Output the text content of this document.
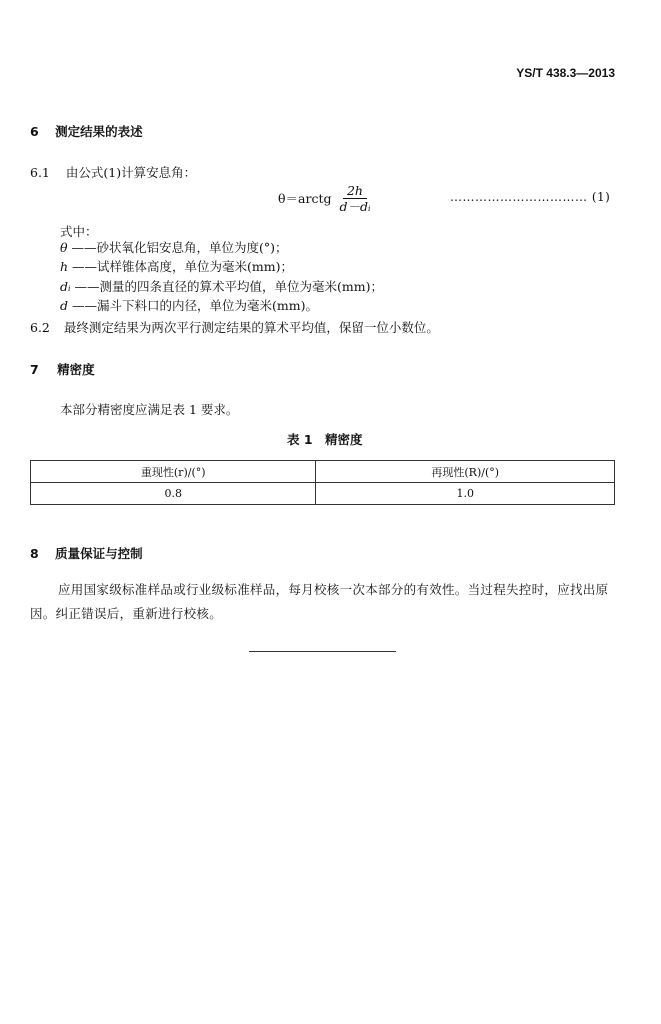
YS/T 438.3—2013
6 测定结果的表述
6.1 由公式(1)计算安息角：
θ＝arctg $\frac{2h}{\text{d－dᵢ}}$	…………………………… (1)
式中：
θ ——砂状氧化铝安息角，单位为度(°)；
h ——试样锥体高度，单位为毫米(mm)；
dᵢ ——测量的四条直径的算术平均值，单位为毫米(mm)；
d ——漏斗下料口的内径，单位为毫米(mm)。
6.2 最终测定结果为两次平行测定结果的算术平均值，保留一位小数位。
7 精密度
本部分精密度应满足表 1 要求。
表 1　精密度
重现性(r)/(°)	再现性(R)/(°)
0.8	1.0
8 质量保证与控制
应用国家级标准样品或行业级标准样品，每月校核一次本部分的有效性。当过程失控时，应找出原因。纠正错误后，重新进行校核。
